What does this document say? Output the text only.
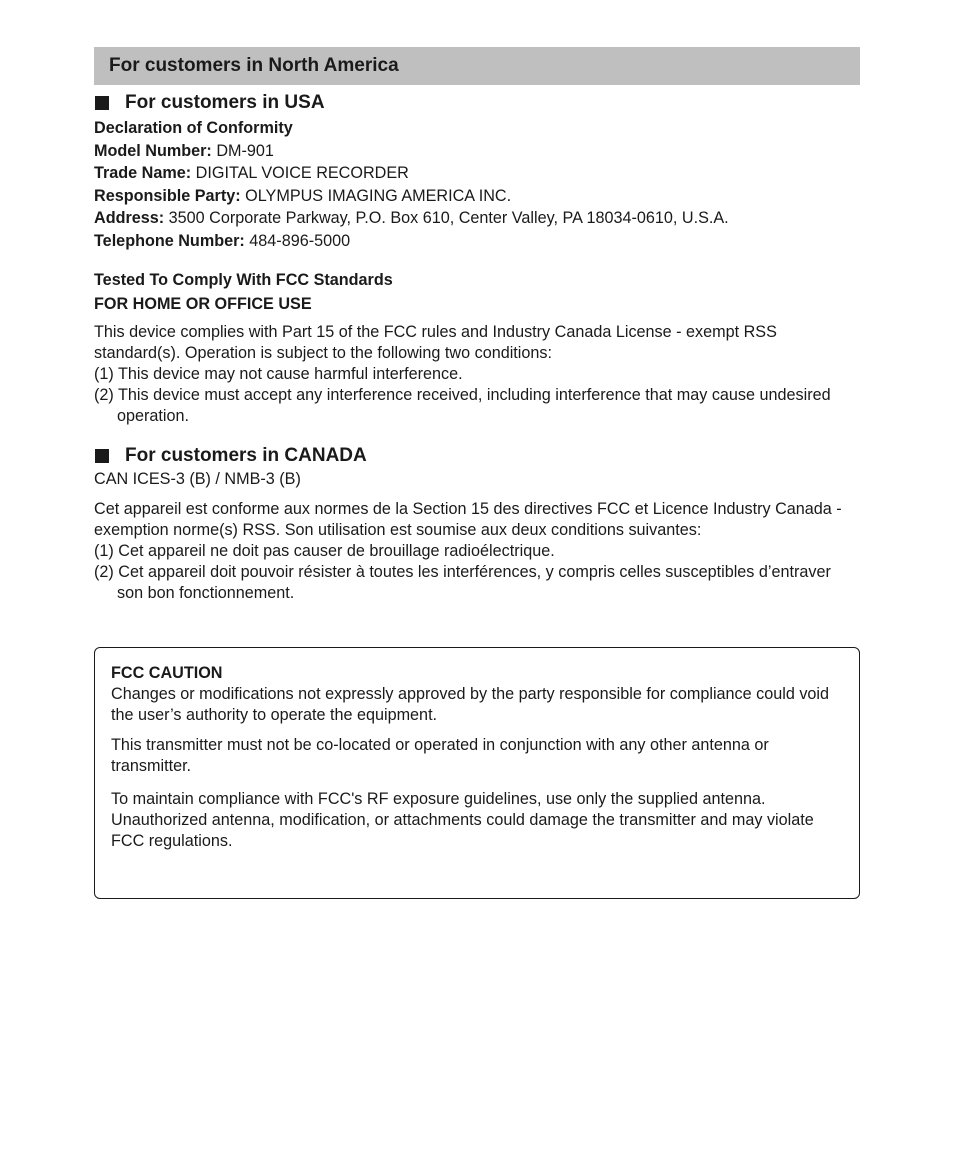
For customers in North America
For customers in USA
Declaration of Conformity
Model Number: DM-901
Trade Name: DIGITAL VOICE RECORDER
Responsible Party: OLYMPUS IMAGING AMERICA INC.
Address: 3500 Corporate Parkway, P.O. Box 610, Center Valley, PA 18034-0610, U.S.A.
Telephone Number: 484-896-5000
Tested To Comply With FCC Standards
FOR HOME OR OFFICE USE
This device complies with Part 15 of the FCC rules and Industry Canada License - exempt RSS standard(s). Operation is subject to the following two conditions:
(1) This device may not cause harmful interference.
(2) This device must accept any interference received, including interference that may cause undesired operation.
For customers in CANADA
CAN ICES-3 (B) / NMB-3 (B)
Cet appareil est conforme aux normes de la Section 15 des directives FCC et Licence Industry Canada - exemption norme(s) RSS. Son utilisation est soumise aux deux conditions suivantes:
(1) Cet appareil ne doit pas causer de brouillage radioélectrique.
(2) Cet appareil doit pouvoir résister à toutes les interférences, y compris celles susceptibles d’entraver son bon fonctionnement.
FCC CAUTION
Changes or modifications not expressly approved by the party responsible for compliance could void the user’s authority to operate the equipment.
This transmitter must not be co-located or operated in conjunction with any other antenna or transmitter.
To maintain compliance with FCC's RF exposure guidelines, use only the supplied antenna. Unauthorized antenna, modification, or attachments could damage the transmitter and may violate FCC regulations.
